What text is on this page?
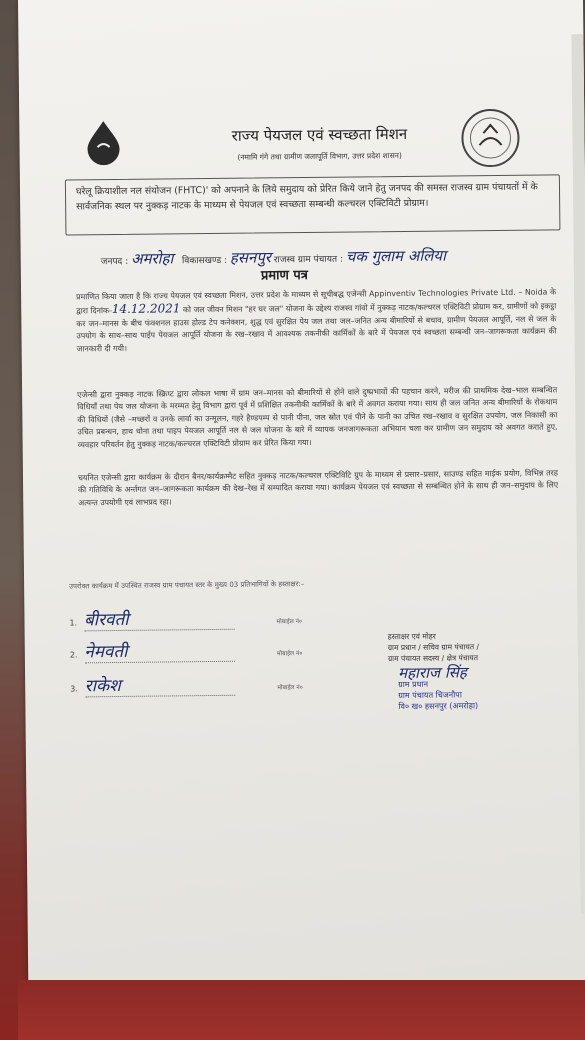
राज्य पेयजल एवं स्वच्छता मिशन
(नमामि गंगे तथा ग्रामीण जलापूर्ति विभाग, उत्तर प्रदेश शासन)
घरेलू क्रियाशील नल संयोजन (FHTC)' को अपनाने के लिये समुदाय को प्रेरित किये जाने हेतु जनपद की समस्त राजस्व ग्राम पंचायतों में के सार्वजनिक स्थल पर नुक्कड़ नाटक के माध्यम से पेयजल एवं स्वच्छता सम्बन्धी कल्चरल एक्टिविटी प्रोग्राम।
जनपद : अमरोहा विकासखण्ड : हसनपुर राजस्व ग्राम पंचायत : चक गुलाम अलिया
प्रमाण पत्र
प्रमाणित किया जाता है कि राज्य पेयजल एवं स्वच्छता मिशन, उत्तर प्रदेश के माध्यम से सूचीबद्ध एजेन्सी Appinventiv Technologies Private Ltd. – Noida के द्वारा दिनांक-14.12.2021 को जल जीवन मिशन "हर घर जल" योजना के उद्देश्य राजस्व गांवो में नुक्कड़ नाटक/कल्चरल एक्टिविटी प्रोग्राम कर, ग्रामीणों को इकट्ठा कर जन–मानस के बीच फंक्शनल हाउस होल्ड टेप कनेक्शन, शुद्ध एवं सुरक्षित पेय जल तथा जल–जनित अन्य बीमारियों से बचाव, ग्रामीण पेयजल आपूर्ति, नल से जल के उपयोग के साथ–साथ पाईप पेयजल आपूर्ति योजना के रख–रखाव में आवश्यक तकनीकी कार्मिकों के बारे में पेयजल एवं स्वच्छता सम्बन्धी जन–जागरूकता कार्यक्रम की जानकारी दी गयी।
एजेन्सी द्वारा नुक्कड़ नाटक स्क्रिप्ट द्वारा लोकल भाषा में ग्राम जन–मानस को बीमारियों से होने वाले दुष्प्रभावों की पहचान करने, मरीज की प्राथमिक देख–भाल सम्बन्धित विधियाँ तथा पेय जल योजना के मरम्मत हेतु विभाग द्वारा पूर्व में प्रशिक्षित तकनीकी कार्मिकों के बारे में अवगत कराया गया। साथ ही जल जनित अन्य बीमारियों के रोकथाम की विधियों (जैसे –मच्छरों व उनके लार्वा का उन्मूलन, गहरे हैण्डपम्प से पानी पीना, जल स्रोत एवं पीने के पानी का उचित रख–रखाव व सुरक्षित उपयोग, जल निकासी का उचित प्रबन्धन, हाथ धोना तथा पाइप पेयजल आपूर्ति नल से जल योजना के बारे में व्यापक जनजागरूकता अभियान चला कर ग्रामीण जन समुदाय को अवगत कराते हुए, व्यवहार परिवर्तन हेतु नुक्कड़ नाटक/कल्चरल एक्टिविटी प्रोग्राम कर प्रेरित किया गया।
चयनित एजेन्सी द्वारा कार्यक्रम के दौरान बैनर/कार्यक्रम्मैट सहित नुक्कड़ नाटक/कल्चरल एक्टिविटि ग्रुप के माध्यम से प्रसार–प्रसार, साउण्ड सहित माईक प्रयोग, विभिन्न तरह की गतिविधि के अर्न्तगत जन–जागरूकता कार्यक्रम की देख–रेख में सम्पादित कराया गया। कार्यक्रम पेयजल एवं स्वच्छता से सम्बन्धित होने के साथ ही जन–समुदाय के लिए अत्यन्त उपयोगी एवं लाभप्रद रहा।
उपरोक्त कार्यक्रम में उपस्थित राजस्व ग्राम पंचायत स्तर के मुख्य 03 प्रतिभागियों के हस्ताक्षर:–
1. बीरवती	मोबाईल नं०
2. नेमवती	मोबाईल नं०
3. राकेश	मोबाईल नं०
हस्ताक्षर एवं मोहर
ग्राम प्रधान / सचिव ग्राम पंचायत /
ग्राम पंचायत सदस्य / क्षेत्र पंचायत
महाराज सिंह
ग्राम प्रधान
ग्राम पंचायत चिजनौपा
वि० ख० हसनपुर (अमरोहा)
